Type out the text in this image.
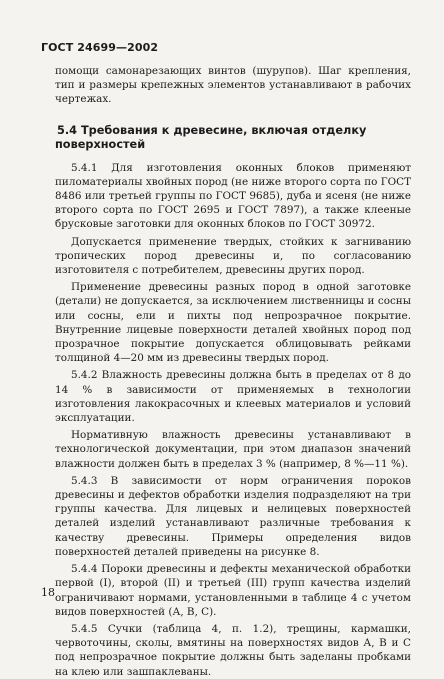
ГОСТ 24699—2002

помощи самонарезающих винтов (шурупов). Шаг крепления, тип и размеры крепежных элементов устанавливают в рабочих чертежах.

5.4 Требования к древесине, включая отделку поверхностей

5.4.1 Для изготовления оконных блоков применяют пиломатериалы хвойных пород (не ниже второго сорта по ГОСТ 8486 или третьей группы по ГОСТ 9685), дуба и ясеня (не ниже второго сорта по ГОСТ 2695 и ГОСТ 7897), а также клееные брусковые заготовки для оконных блоков по ГОСТ 30972.

Допускается применение твердых, стойких к загниванию тропических пород древесины и, по согласованию изготовителя с потребителем, древесины других пород.

Применение древесины разных пород в одной заготовке (детали) не допускается, за исключением лиственницы и сосны или сосны, ели и пихты под непрозрачное покрытие. Внутренние лицевые поверхности деталей хвойных пород под прозрачное покрытие допускается облицовывать рейками толщиной 4—20 мм из древесины твердых пород.

5.4.2 Влажность древесины должна быть в пределах от 8 до 14 % в зависимости от применяемых в технологии изготовления лакокрасочных и клеевых материалов и условий эксплуатации.

Нормативную влажность древесины устанавливают в технологической документации, при этом диапазон значений влажности должен быть в пределах 3 % (например, 8 %—11 %).

5.4.3 В зависимости от норм ограничения пороков древесины и дефектов обработки изделия подразделяют на три группы качества. Для лицевых и нелицевых поверхностей деталей изделий устанавливают различные требования к качеству древесины. Примеры определения видов поверхностей деталей приведены на рисунке 8.

5.4.4 Пороки древесины и дефекты механической обработки первой (I), второй (II) и третьей (III) групп качества изделий ограничивают нормами, установленными в таблице 4 с учетом видов поверхностей (А, В, С).

5.4.5 Сучки (таблица 4, п. 1.2), трещины, кармашки, червоточины, сколы, вмятины на поверхностях видов А, В и С под непрозрачное покрытие должны быть заделаны пробками на клею или зашпаклеваны.

18
